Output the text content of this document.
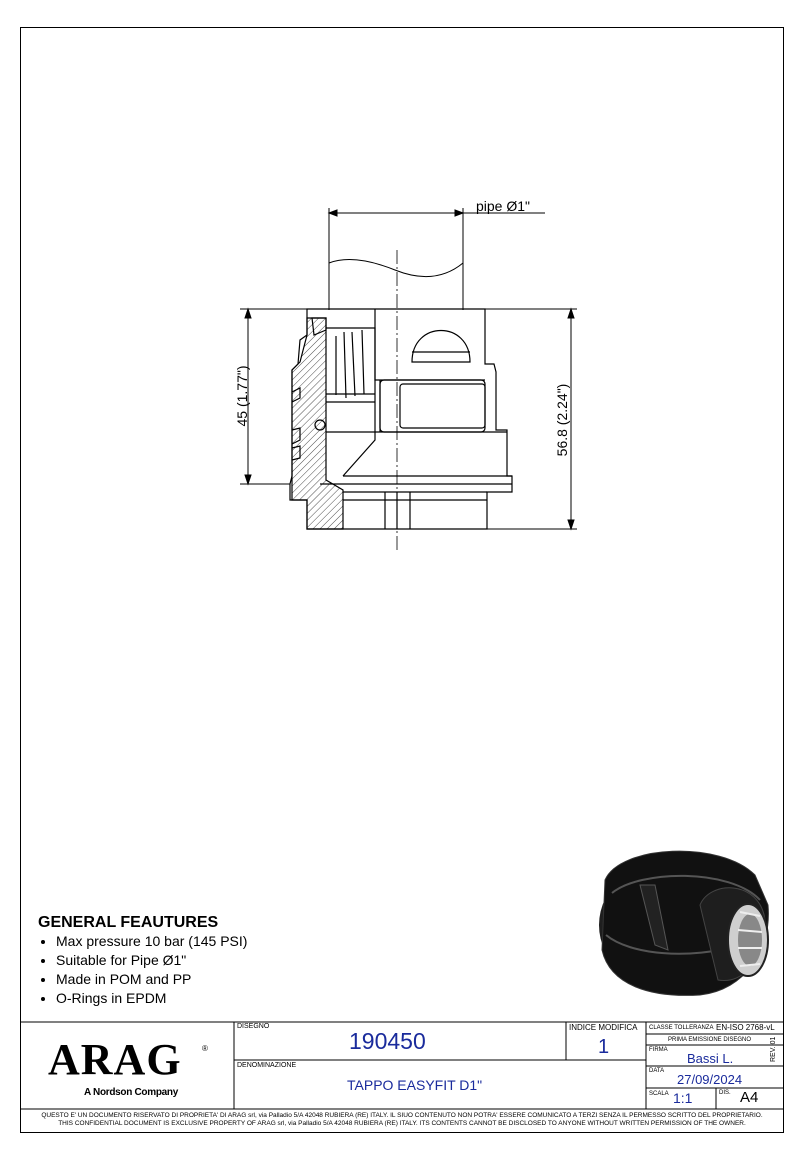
pipe Ø1"
45 (1.77")	56.8 (2.24")
GENERAL FEAUTURES
• Max pressure 10 bar (145 PSI)
• Suitable for Pipe Ø1"
• Made in POM and PP
• O-Rings in EPDM
ARAG	®
A Nordson Company
DISEGNO
190450
INDICE MODIFICA
1
DENOMINAZIONE
TAPPO EASYFIT D1"
CLASSE TOLLERANZA EN-ISO 2768-vL
PRIMA EMISSIONE DISEGNO
FIRMA
Bassi L.
DATA
27/09/2024
SCALA 1:1	DIS. A4
REV. 01
QUESTO E' UN DOCUMENTO RISERVATO DI PROPRIETA' DI ARAG srl, via Palladio 5/A 42048 RUBIERA (RE) ITALY. IL SIUO CONTENUTO NON POTRA' ESSERE COMUNICATO A TERZI SENZA IL PERMESSO SCRITTO DEL PROPRIETARIO.
THIS CONFIDENTIAL DOCUMENT IS EXCLUSIVE PROPERTY OF ARAG srl, via Palladio 5/A 42048 RUBIERA (RE) ITALY. ITS CONTENTS CANNOT BE DISCLOSED TO ANYONE WITHOUT WRITTEN PERMISSION OF THE OWNER.
